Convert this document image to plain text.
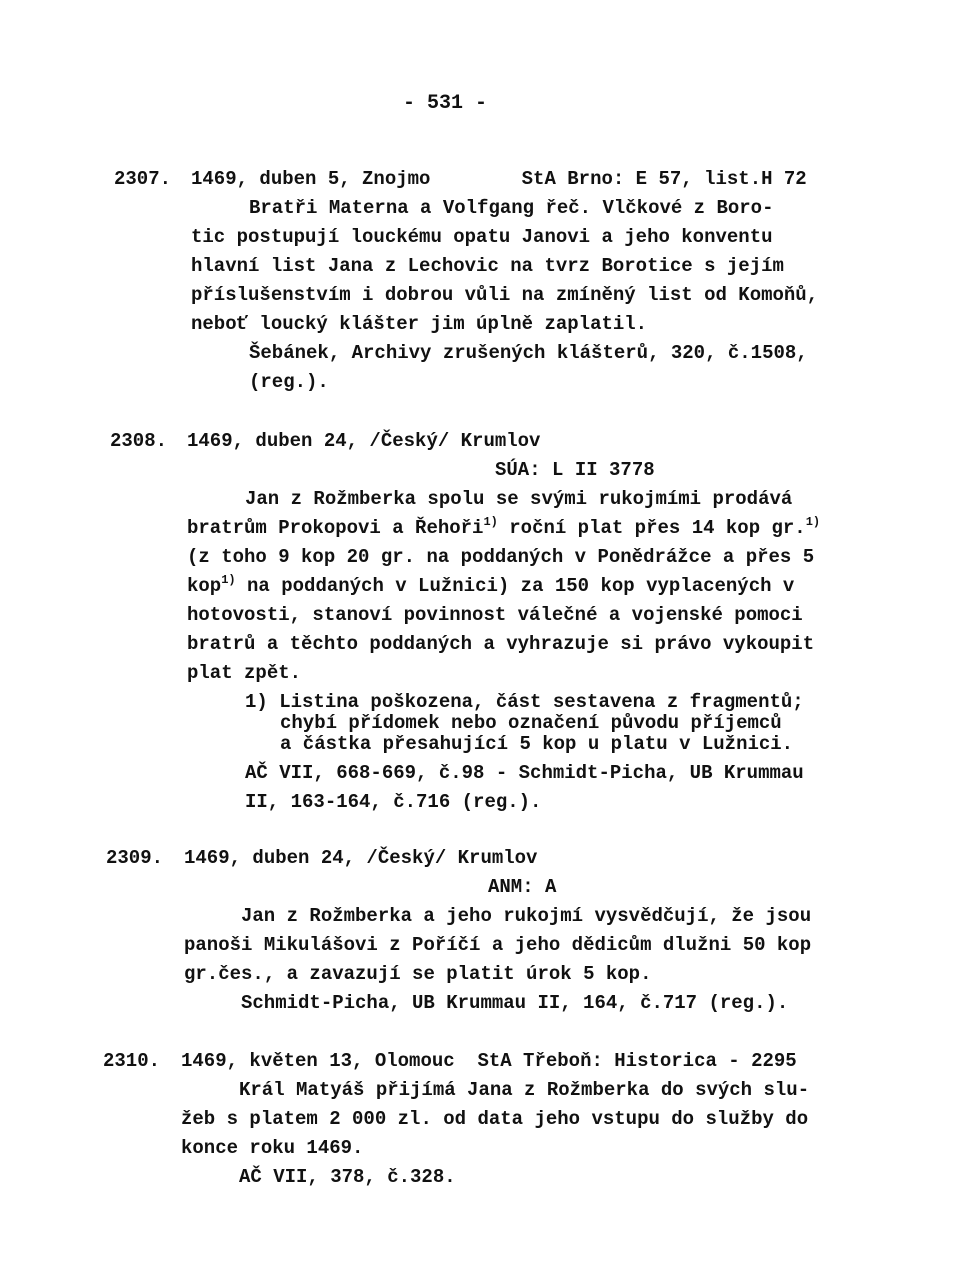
- 531 -
2307. 1469, duben 5, Znojmo        StA Brno: E 57, list.H 72
Bratři Materna a Volfgang řeč. Vlčkové z Boro-
tic postupují louckému opatu Janovi a jeho konventu
hlavní list Jana z Lechovic na tvrz Borotice s jejím
příslušenstvím i dobrou vůli na zmíněný list od Komoňů,
neboť loucký klášter jim úplně zaplatil.
Šebánek, Archivy zrušených klášterů, 320, č.1508,
(reg.).
2308. 1469, duben 24, /Český/ Krumlov
SÚA: L II 3778
Jan z Rožmberka spolu se svými rukojmími prodává
bratrům Prokopovi a Řehoři$^{1)}$ roční plat přes 14 kop gr.$^{1)}$
(z toho 9 kop 20 gr. na poddaných v Ponědrážce a přes 5
kop$^{1)}$ na poddaných v Lužnici) za 150 kop vyplacených v
hotovosti, stanoví povinnost válečné a vojenské pomoci
bratrů a těchto poddaných a vyhrazuje si právo vykoupit
plat zpět.
1) Listina poškozena, část sestavena z fragmentů;
chybí přídomek nebo označení původu příjemců
a částka přesahující 5 kop u platu v Lužnici.
AČ VII, 668-669, č.98 - Schmidt-Picha, UB Krummau
II, 163-164, č.716 (reg.).
2309. 1469, duben 24, /Český/ Krumlov
ANM: A
Jan z Rožmberka a jeho rukojmí vysvědčují, že jsou
panoši Mikulášovi z Poříčí a jeho dědicům dlužni 50 kop
gr.čes., a zavazují se platit úrok 5 kop.
Schmidt-Picha, UB Krummau II, 164, č.717 (reg.).
2310. 1469, květen 13, Olomouc  StA Třeboň: Historica - 2295
Král Matyáš přijímá Jana z Rožmberka do svých slu-
žeb s platem 2 000 zl. od data jeho vstupu do služby do
konce roku 1469.
AČ VII, 378, č.328.
